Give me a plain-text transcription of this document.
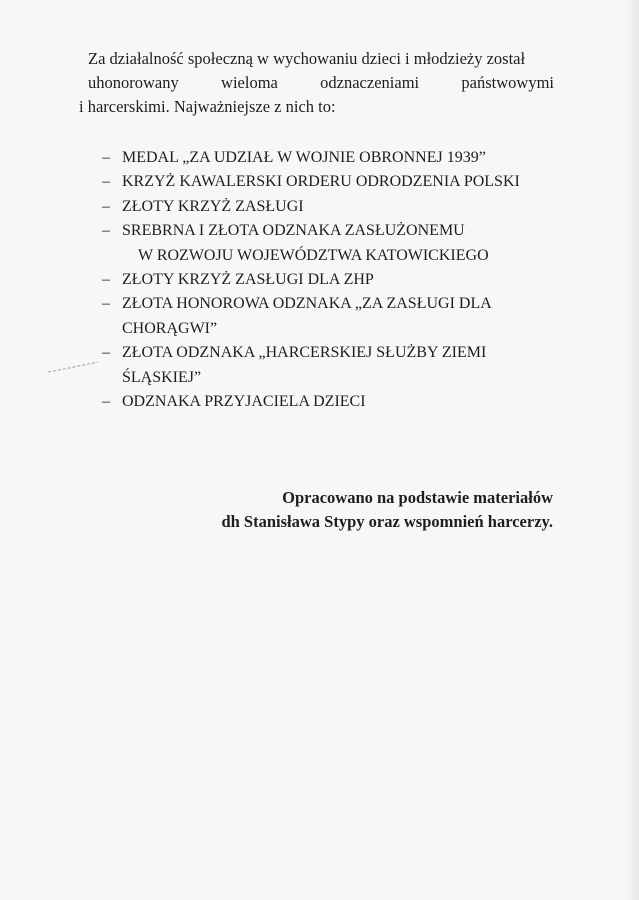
Za działalność społeczną w wychowaniu dzieci i młodzieży został
uhonorowany wieloma odznaczeniami państwowymi
i harcerskimi. Najważniejsze z nich to:
– MEDAL „ZA UDZIAŁ W WOJNIE OBRONNEJ 1939”
– KRZYŻ KAWALERSKI ORDERU ODRODZENIA POLSKI
– ZŁOTY KRZYŻ ZASŁUGI
– SREBRNA I ZŁOTA ODZNAKA ZASŁUŻONEMU
W ROZWOJU WOJEWÓDZTWA KATOWICKIEGO
– ZŁOTY KRZYŻ ZASŁUGI DLA ZHP
– ZŁOTA HONOROWA ODZNAKA „ZA ZASŁUGI DLA
CHORĄGWI”
– ZŁOTA ODZNAKA „HARCERSKIEJ SŁUŻBY ZIEMI
ŚLĄSKIEJ”
– ODZNAKA PRZYJACIELA DZIECI
Opracowano na podstawie materiałów
dh Stanisława Stypy oraz wspomnień harcerzy.
